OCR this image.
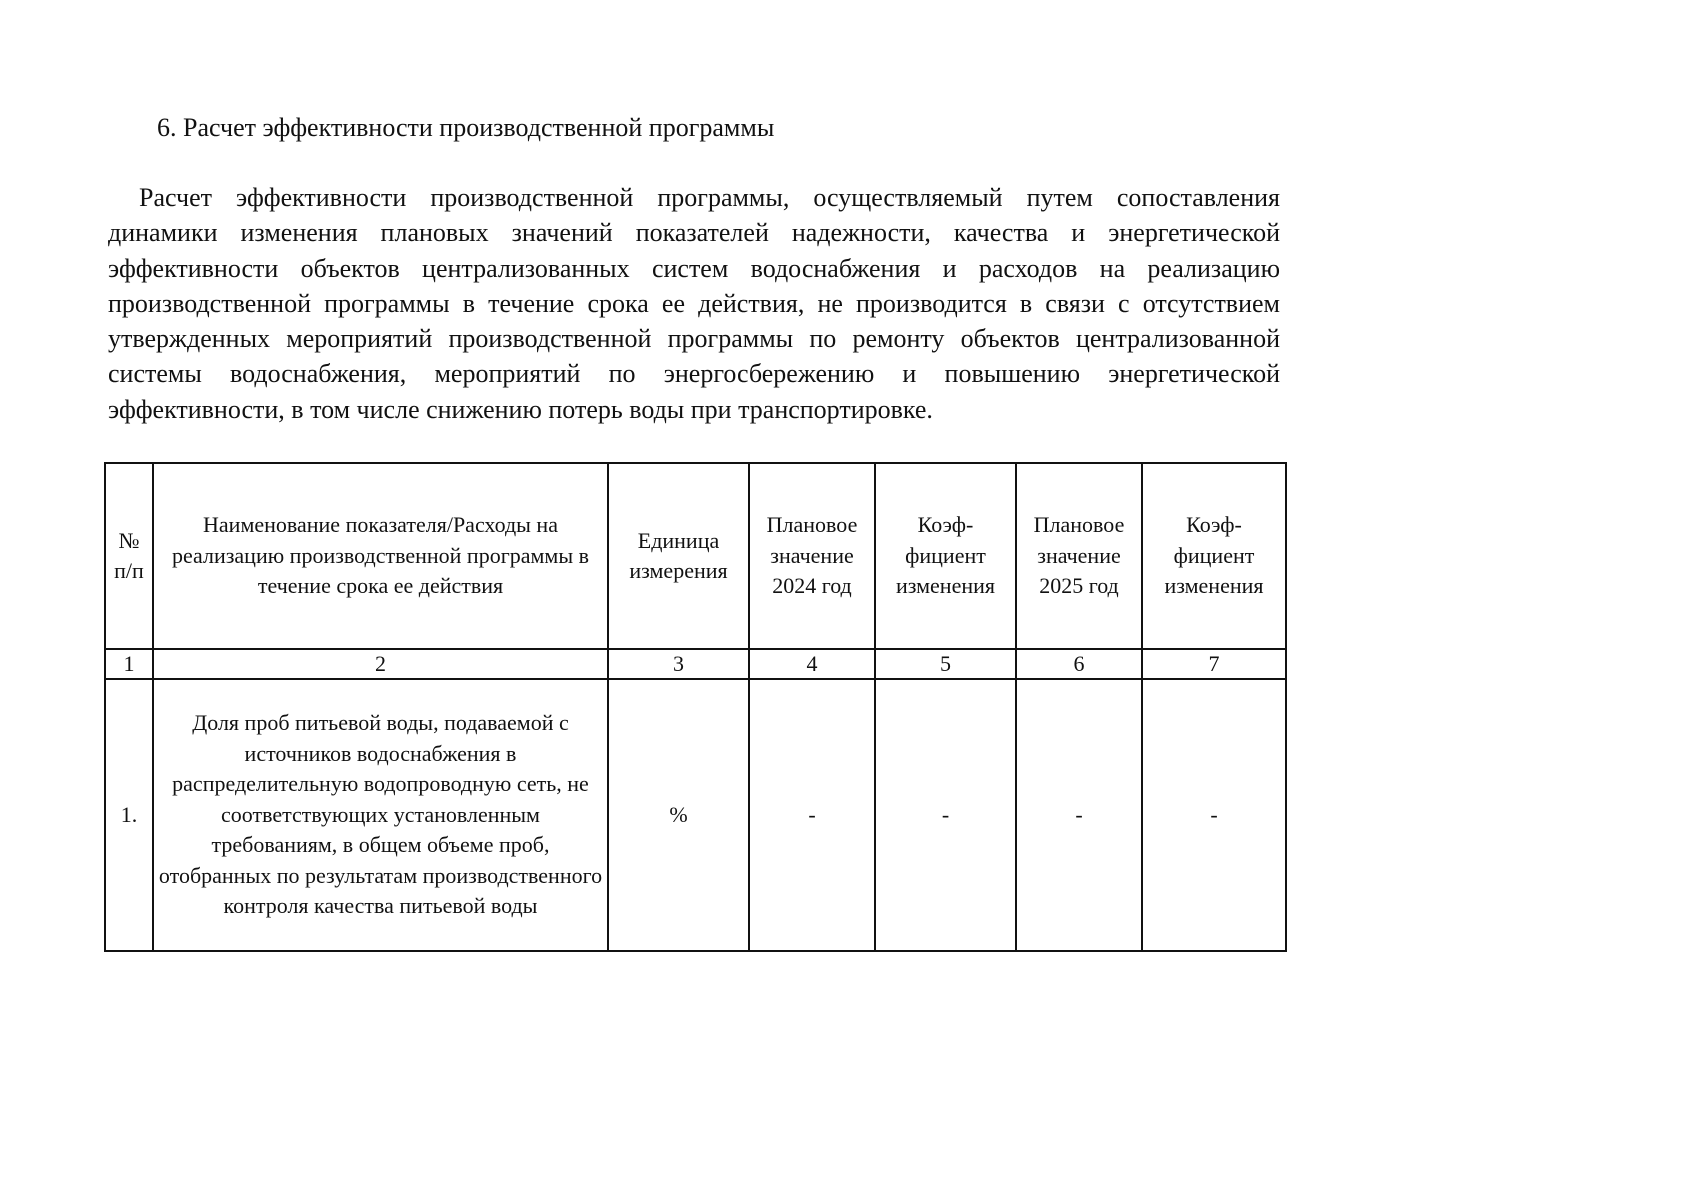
6. Расчет эффективности производственной программы

Расчет эффективности производственной программы, осуществляемый путем сопоставления динамики изменения плановых значений показателей надежности, качества и энергетической эффективности объектов централизованных систем водоснабжения и расходов на реализацию производственной программы в течение срока ее действия, не производится в связи с отсутствием утвержденных мероприятий производственной программы по ремонту объектов централизованной системы водоснабжения, мероприятий по энергосбережению и повышению энергетической эффективности, в том числе снижению потерь воды при транспортировке.

№ п/п	Наименование показателя/Расходы на реализацию производственной программы в течение срока ее действия	Единица измерения	Плановое значение 2024 год	Коэф-фициент изменения	Плановое значение 2025 год	Коэф-фициент изменения
1	2	3	4	5	6	7
1.	Доля проб питьевой воды, подаваемой с источников водоснабжения в распределительную водопроводную сеть, не соответствующих установленным требованиям, в общем объеме проб, отобранных по результатам производственного контроля качества питьевой воды	%	-	-	-	-
